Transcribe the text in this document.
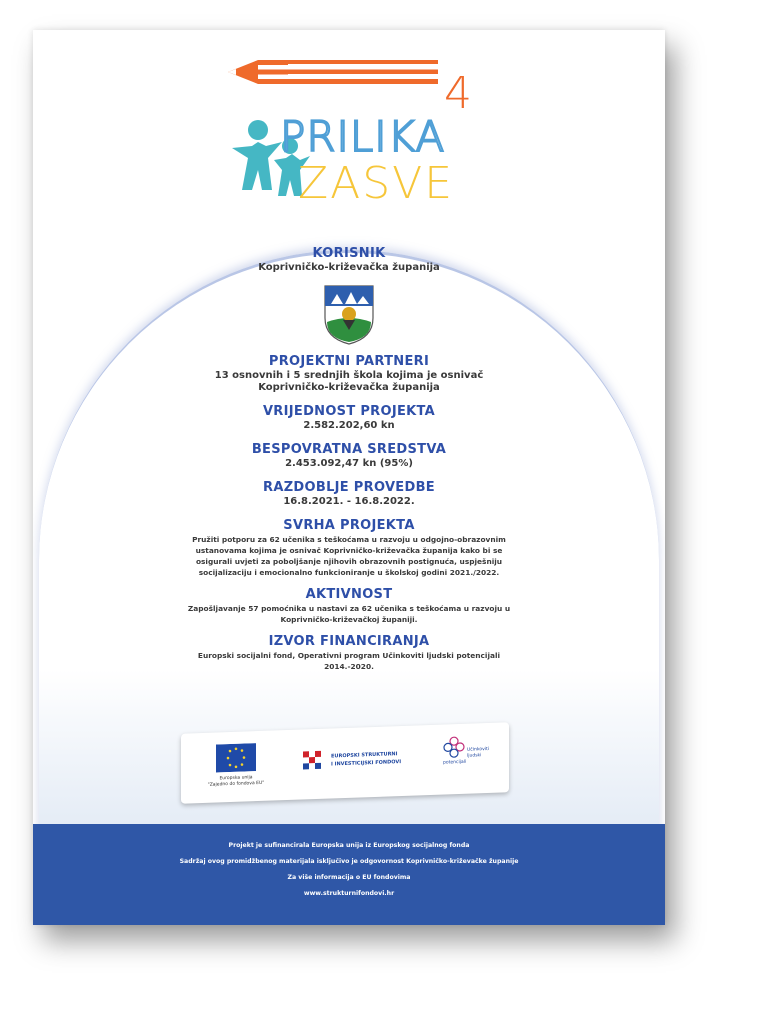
PRILIKA
ZASVE
4
KORISNIK
Koprivničko-križevačka županija
PROJEKTNI PARTNERI
13 osnovnih i 5 srednjih škola kojima je osnivač
Koprivničko-križevačka županija
VRIJEDNOST PROJEKTA
2.582.202,60 kn
BESPOVRATNA SREDSTVA
2.453.092,47 kn (95%)
RAZDOBLJE PROVEDBE
16.8.2021. - 16.8.2022.
SVRHA PROJEKTA
Pružiti potporu za 62 učenika s teškoćama u razvoju u odgojno-obrazovnim ustanovama kojima je osnivač Koprivničko-križevačka županija kako bi se osigurali uvjeti za poboljšanje njihovih obrazovnih postignuća, uspješniju socijalizaciju i emocionalno funkcioniranje u školskoj godini 2021./2022.
AKTIVNOST
Zapošljavanje 57 pomoćnika u nastavi za 62 učenika s teškoćama u razvoju u Koprivničko-križevačkoj županiji.
IZVOR FINANCIRANJA
Europski socijalni fond, Operativni program Učinkoviti ljudski potencijali 2014.-2020.
Europska unija
"Zajedno do fondova EU"
EUROPSKI STRUKTURNI
I INVESTICIJSKI FONDOVI
Učinkoviti
ljudski
potencijali
Projekt je sufinancirala Europska unija iz Europskog socijalnog fonda
Sadržaj ovog promidžbenog materijala isključivo je odgovornost Koprivničko-križevačke županije
Za više informacija o EU fondovima
www.strukturnifondovi.hr
